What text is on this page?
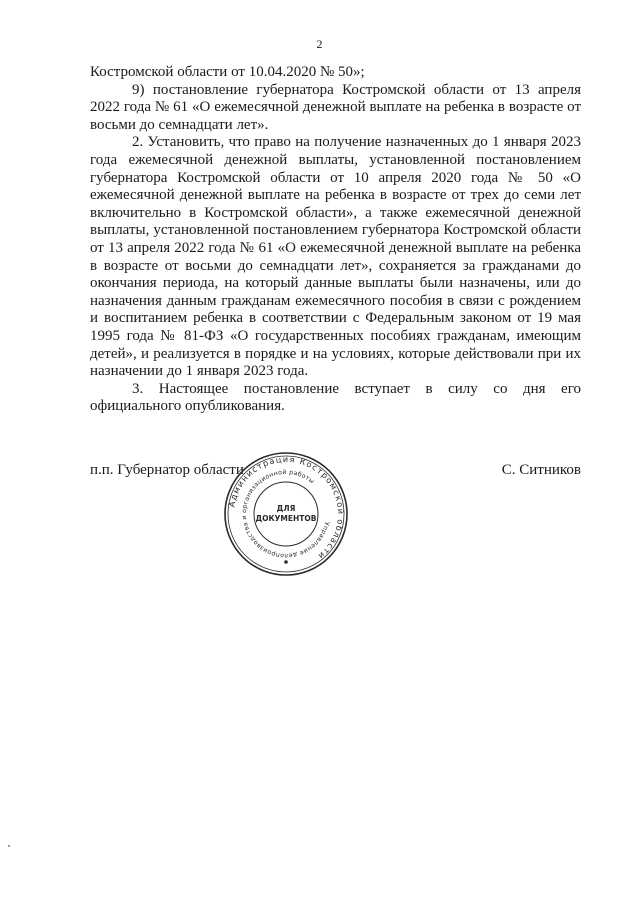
2

Костромской области от 10.04.2020 № 50»;

9) постановление губернатора Костромской области от 13 апреля 2022 года № 61 «О ежемесячной денежной выплате на ребенка в возрасте от восьми до семнадцати лет».

2. Установить, что право на получение назначенных до 1 января 2023 года ежемесячной денежной выплаты, установленной постановлением губернатора Костромской области от 10 апреля 2020 года № 50 «О ежемесячной денежной выплате на ребенка в возрасте от трех до семи лет включительно в Костромской области», а также ежемесячной денежной выплаты, установленной постановлением губернатора Костромской области от 13 апреля 2022 года № 61 «О ежемесячной денежной выплате на ребенка в возрасте от восьми до семнадцати лет», сохраняется за гражданами до окончания периода, на который данные выплаты были назначены, или до назначения данным гражданам ежемесячного пособия в связи с рождением и воспитанием ребенка в соответствии с Федеральным законом от 19 мая 1995 года № 81-ФЗ «О государственных пособиях гражданам, имеющим детей», и реализуется в порядке и на условиях, которые действовали при их назначении до 1 января 2023 года.

3. Настоящее постановление вступает в силу со дня его официального опубликования.

п.п. Губернатор области	С. Ситников
Администрация Костромской области
Управление делопроизводства и организационной работы
ДЛЯ
ДОКУМЕНТОВ
